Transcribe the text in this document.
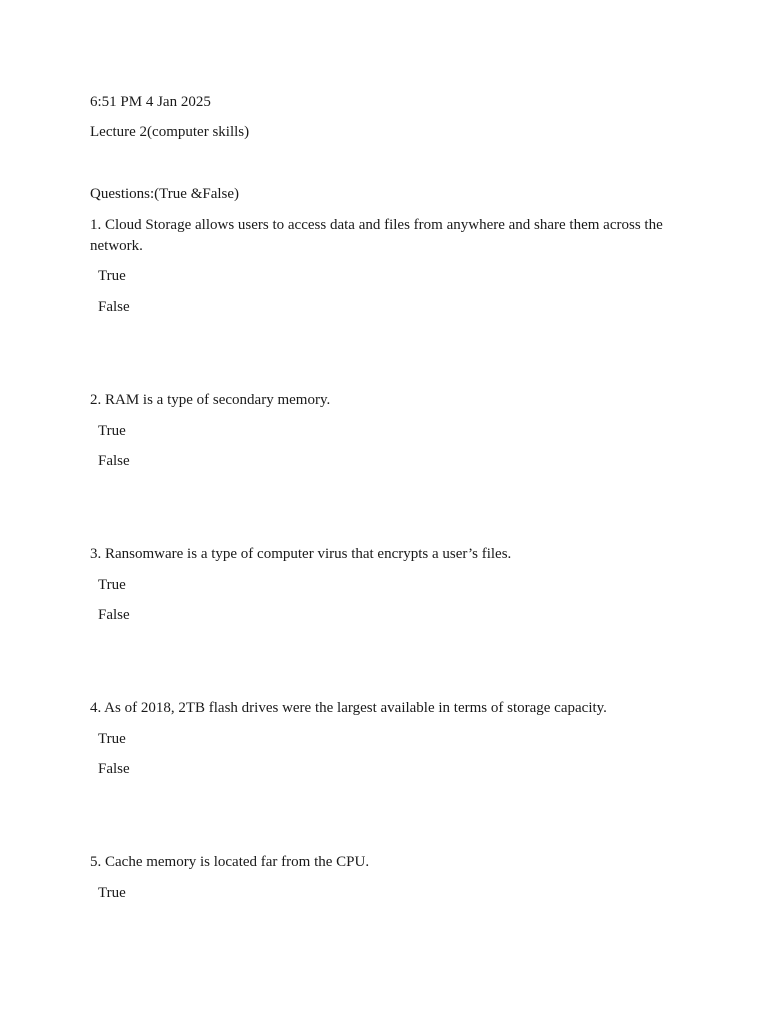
6:51 PM 4 Jan 2025
Lecture 2(computer skills)
Questions:(True &False)
1. Cloud Storage allows users to access data and files from anywhere and share them across the network.
True
False
2. RAM is a type of secondary memory.
True
False
3. Ransomware is a type of computer virus that encrypts a user’s files.
True
False
4. As of 2018, 2TB flash drives were the largest available in terms of storage capacity.
True
False
5. Cache memory is located far from the CPU.
True
